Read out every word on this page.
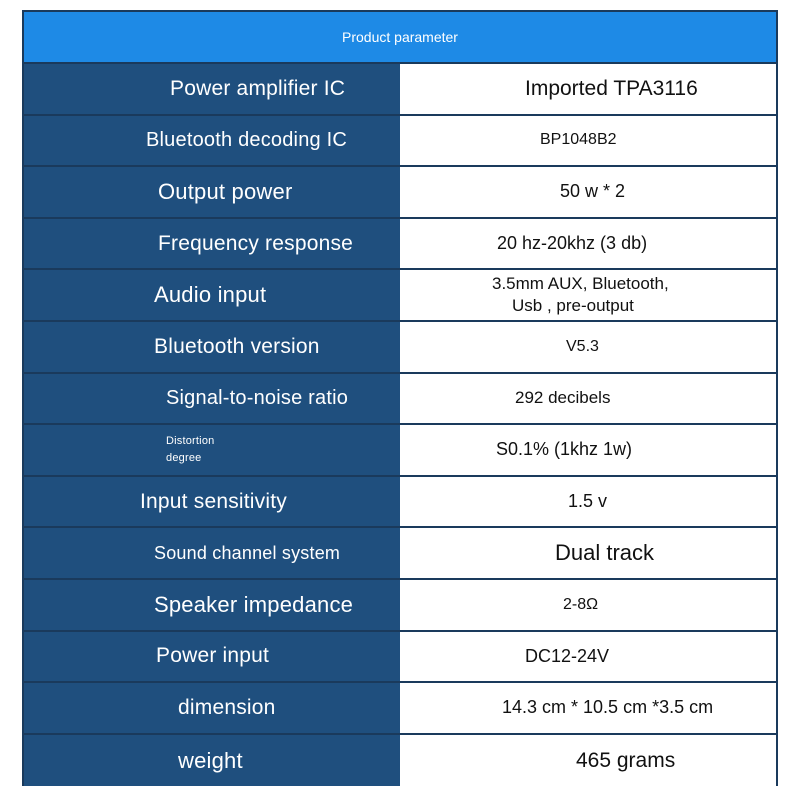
Product parameter
Power amplifier IC	Imported TPA3116
Bluetooth decoding IC	BP1048B2
Output power	50 w * 2
Frequency response	20 hz-20khz (3 db)
Audio input	3.5mm AUX, Bluetooth,
Usb , pre-output
Bluetooth version	V5.3
Signal-to-noise ratio	292 decibels
Distortion degree	S0.1% (1khz 1w)
Input sensitivity	1.5 v
Sound channel system	Dual track
Speaker impedance	2-8Ω
Power input	DC12-24V
dimension	14.3 cm * 10.5 cm *3.5 cm
weight	465 grams
